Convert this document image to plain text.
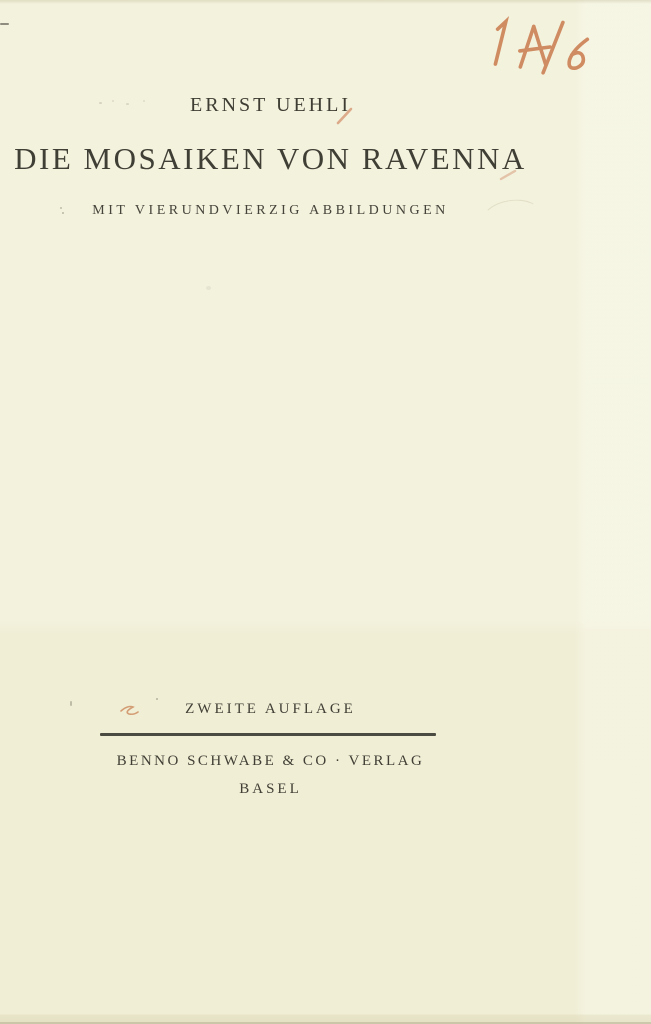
ERNST UEHLI
DIE MOSAIKEN VON RAVENNA
MIT VIERUNDVIERZIG ABBILDUNGEN
ZWEITE AUFLAGE
BENNO SCHWABE & CO · VERLAG
BASEL
